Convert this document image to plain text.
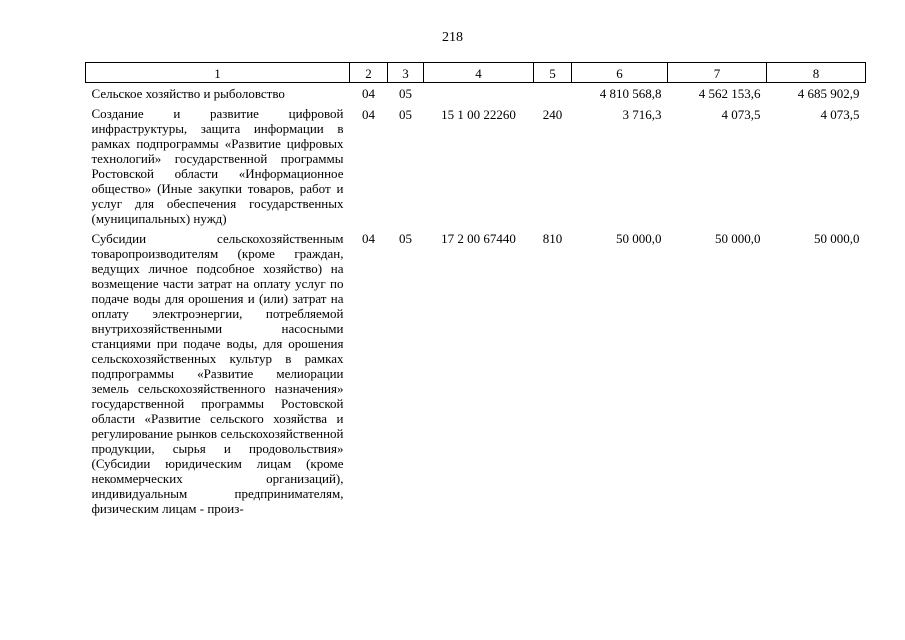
218
1	2	3	4	5	6	7	8
Сельское хозяйство и рыболовство	04	05			4 810 568,8	4 562 153,6	4 685 902,9
Создание и развитие цифровой инфраструктуры, защита информации в рамках подпрограммы «Развитие цифровых технологий» государственной программы Ростовской области «Информационное общество» (Иные закупки товаров, работ и услуг для обеспечения государственных (муниципальных) нужд)	04	05	15 1 00 22260	240	3 716,3	4 073,5	4 073,5
Субсидии сельскохозяйственным товаропроизводителям (кроме граждан, ведущих личное подсобное хозяйство) на возмещение части затрат на оплату услуг по подаче воды для орошения и (или) затрат на оплату электроэнергии, потребляемой внутрихозяйственными насосными станциями при подаче воды, для орошения сельскохозяйственных культур в рамках подпрограммы «Развитие мелиорации земель сельскохозяйственного назначения» государственной программы Ростовской области «Развитие сельского хозяйства и регулирование рынков сельскохозяйственной продукции, сырья и продовольствия» (Субсидии юридическим лицам (кроме некоммерческих организаций), индивидуальным предпринимателям, физическим лицам - произ-	04	05	17 2 00 67440	810	50 000,0	50 000,0	50 000,0
